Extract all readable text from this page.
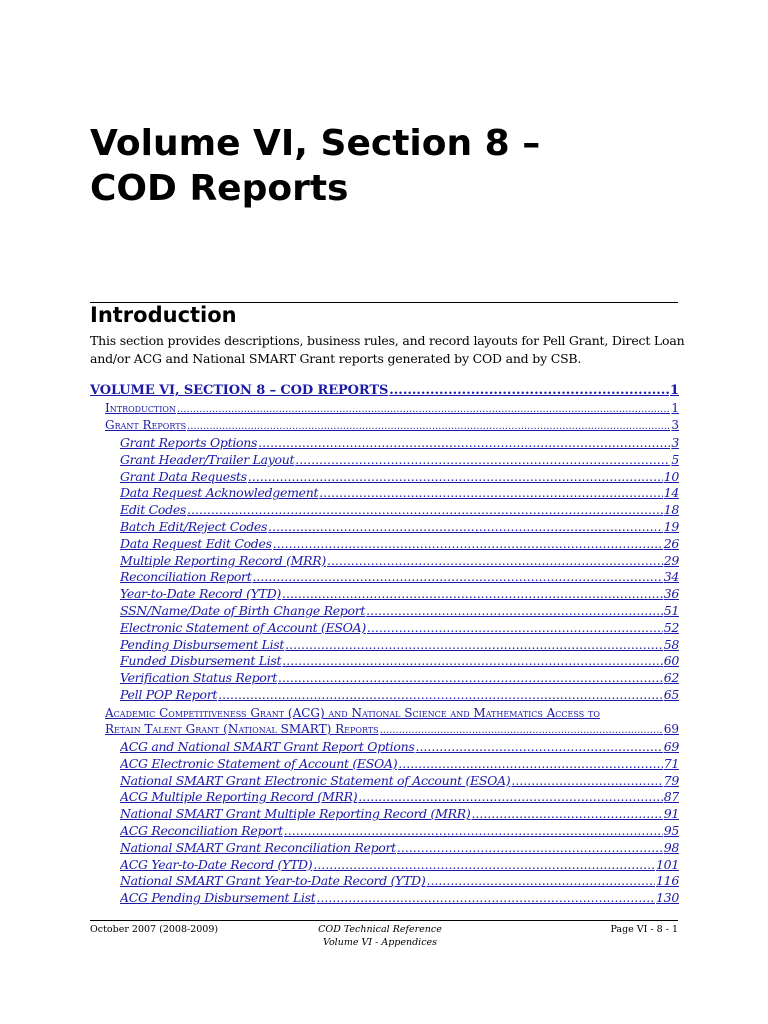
Volume VI, Section 8 –
COD Reports
Introduction

This section provides descriptions, business rules, and record layouts for Pell Grant, Direct Loan and/or ACG and National SMART Grant reports generated by COD and by CSB.

VOLUME VI, SECTION 8 – COD REPORTS .....	1
Introduction .....	1
Grant Reports .....	3
Grant Reports Options .....	3
Grant Header/Trailer Layout .....	5
Grant Data Requests .....	10
Data Request Acknowledgement .....	14
Edit Codes .....	18
Batch Edit/Reject Codes .....	19
Data Request Edit Codes .....	26
Multiple Reporting Record (MRR) .....	29
Reconciliation Report .....	34
Year-to-Date Record (YTD) .....	36
SSN/Name/Date of Birth Change Report .....	51
Electronic Statement of Account (ESOA) .....	52
Pending Disbursement List .....	58
Funded Disbursement List .....	60
Verification Status Report .....	62
Pell POP Report .....	65
Academic Competitiveness Grant (ACG) and National Science and Mathematics Access to
Retain Talent Grant (National SMART) Reports .....	69
ACG and National SMART Grant Report Options .....	69
ACG Electronic Statement of Account (ESOA) .....	71
National SMART Grant Electronic Statement of Account (ESOA) .....	79
ACG Multiple Reporting Record (MRR) .....	87
National SMART Grant Multiple Reporting Record (MRR) .....	91
ACG Reconciliation Report .....	95
National SMART Grant Reconciliation Report .....	98
ACG Year-to-Date Record (YTD) .....	101
National SMART Grant Year-to-Date Record (YTD) .....	116
ACG Pending Disbursement List .....	130
October 2007 (2008-2009)	COD Technical Reference
Volume VI - Appendices
Page VI - 8 - 1
